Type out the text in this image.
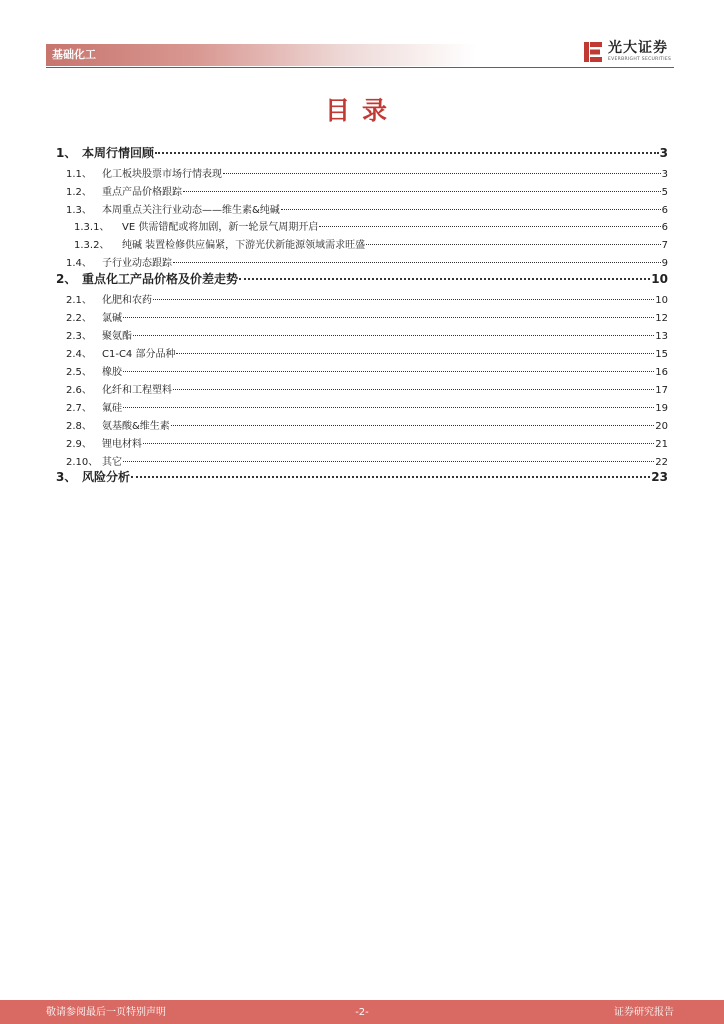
基础化工	光大证券
EVERBRIGHT SECURITIES
目录
1、 本周行情回顾	3
1.1、	化工板块股票市场行情表现	3
1.2、	重点产品价格跟踪	5
1.3、	本周重点关注行业动态——维生素&纯碱	6
1.3.1、	VE 供需错配或将加剧，新一轮景气周期开启	6
1.3.2、	纯碱 装置检修供应偏紧，下游光伏新能源领域需求旺盛	7
1.4、	子行业动态跟踪	9
2、 重点化工产品价格及价差走势	10
2.1、	化肥和农药	10
2.2、	氯碱	12
2.3、	聚氨酯	13
2.4、	C1-C4 部分品种	15
2.5、	橡胶	16
2.6、	化纤和工程塑料	17
2.7、	氟硅	19
2.8、	氨基酸&维生素	20
2.9、	锂电材料	21
2.10、 其它	22
3、 风险分析	23
敬请参阅最后一页特别声明	-2-	证券研究报告
